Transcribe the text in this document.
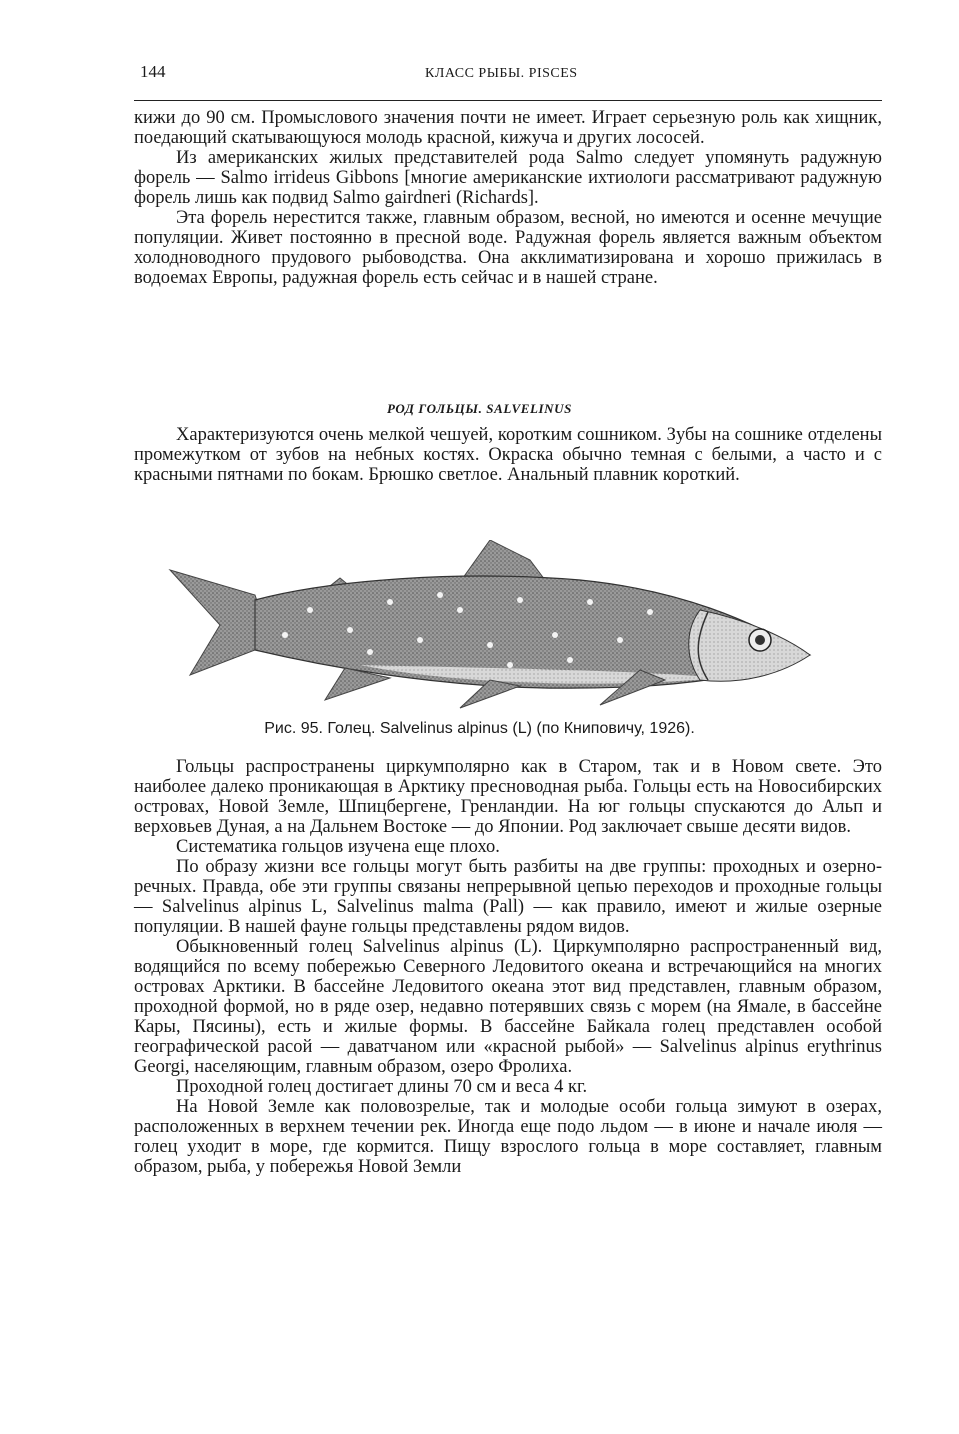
144	КЛАСС РЫБЫ. PISCES

кижи до 90 см. Промыслового значения почти не имеет. Играет серьезную роль как хищник, поедающий скатывающуюся молодь красной, кижуча и других лососей.

Из американских жилых представителей рода Salmo следует упомянуть радужную форель — Salmo irrideus Gibbons [многие американские ихтиологи рассматривают радужную форель лишь как подвид Salmo gairdneri (Richards].

Эта форель нерестится также, главным образом, весной, но имеются и осенне мечущие популяции. Живет постоянно в пресной воде. Радужная форель является важным объектом холодноводного прудового рыбоводства. Она акклиматизирована и хорошо прижилась в водоемах Европы, радужная форель есть сейчас и в нашей стране.

РОД ГОЛЬЦЫ. SALVELINUS

Характеризуются очень мелкой чешуей, коротким сошником. Зубы на сошнике отделены промежутком от зубов на небных костях. Окраска обычно темная с белыми, а часто и с красными пятнами по бокам. Брюшко светлое. Анальный плавник короткий.

Рис. 95. Голец. Salvelinus alpinus (L) (по Книповичу, 1926).

Гольцы распространены циркумполярно как в Старом, так и в Новом свете. Это наиболее далеко проникающая в Арктику пресноводная рыба. Гольцы есть на Новосибирских островах, Новой Земле, Шпицбергене, Гренландии. На юг гольцы спускаются до Альп и верховьев Дуная, а на Дальнем Востоке — до Японии. Род заключает свыше десяти видов.

Систематика гольцов изучена еще плохо.

По образу жизни все гольцы могут быть разбиты на две группы: проходных и озерно-речных. Правда, обе эти группы связаны непрерывной цепью переходов и проходные гольцы — Salvelinus alpinus L, Salvelinus malma (Pall) — как правило, имеют и жилые озерные популяции. В нашей фауне гольцы представлены рядом видов.

Обыкновенный голец Salvelinus alpinus (L). Циркумполярно распространенный вид, водящийся по всему побережью Северного Ледовитого океана и встречающийся на многих островах Арктики. В бассейне Ледовитого океана этот вид представлен, главным образом, проходной формой, но в ряде озер, недавно потерявших связь с морем (на Ямале, в бассейне Кары, Пясины), есть и жилые формы. В бассейне Байкала голец представлен особой географической расой — даватчаном или «красной рыбой» — Salvelinus alpinus erythrinus Georgi, населяющим, главным образом, озеро Фролиха.

Проходной голец достигает длины 70 см и веса 4 кг.

На Новой Земле как половозрелые, так и молодые особи гольца зимуют в озерах, расположенных в верхнем течении рек. Иногда еще подо льдом — в июне и начале июля — голец уходит в море, где кормится. Пищу взрослого гольца в море составляет, главным образом, рыба, у побережья Новой Земли
